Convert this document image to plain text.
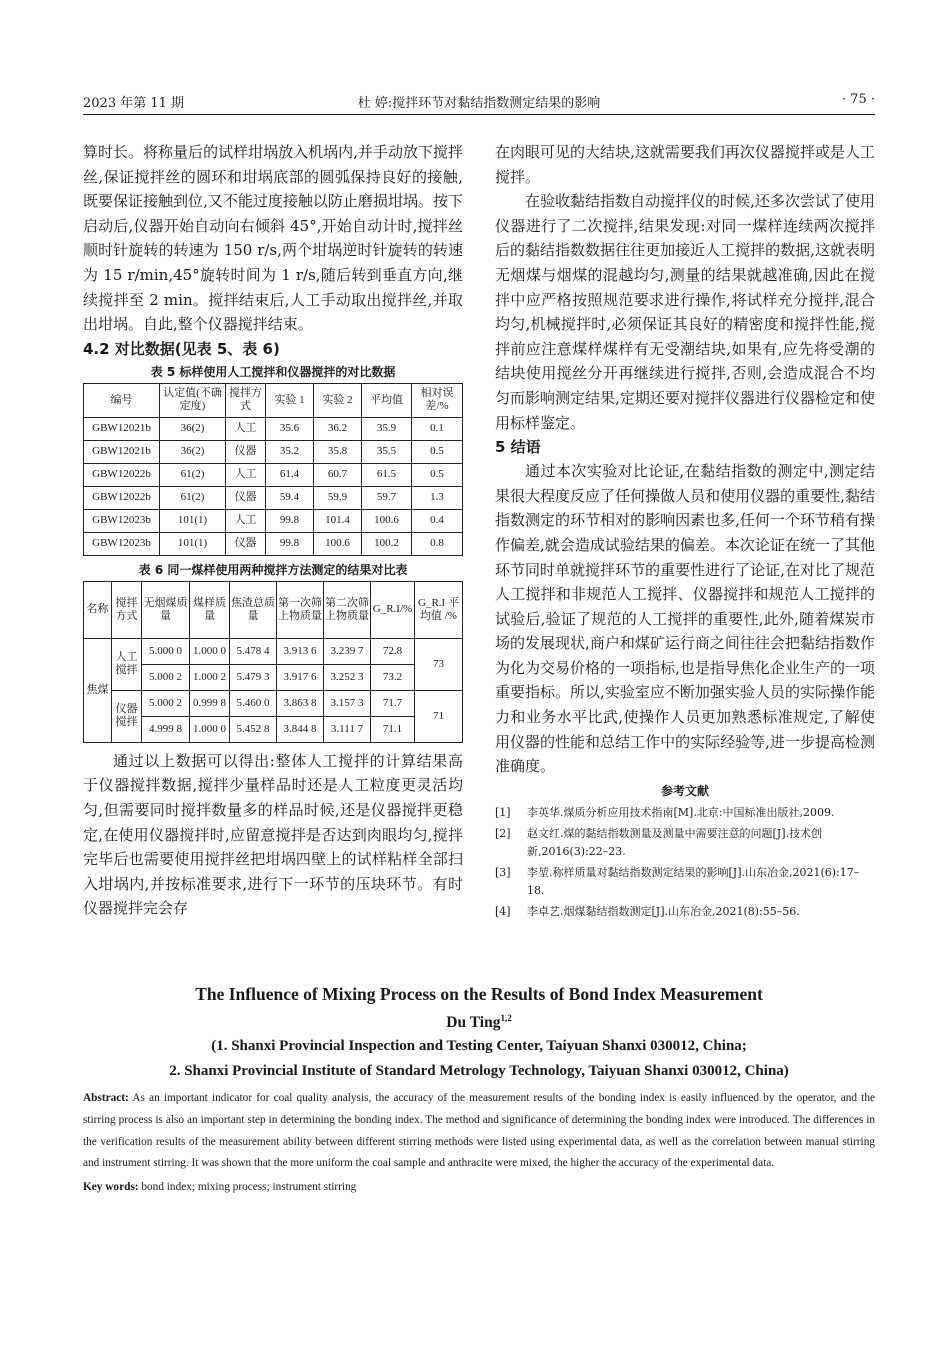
2023 年第 11 期	杜 婷:搅拌环节对黏结指数测定结果的影响	· 75 ·

算时长。将称量后的试样坩埚放入机埚内,并手动放下搅拌丝,保证搅拌丝的圆环和坩埚底部的圆弧保持良好的接触,既要保证接触到位,又不能过度接触以防止磨损坩埚。按下启动后,仪器开始自动向右倾斜 45°,开始自动计时,搅拌丝顺时针旋转的转速为 150 r/s,两个坩埚逆时针旋转的转速为 15 r/min,45°旋转时间为 1 r/s,随后转到垂直方向,继续搅拌至 2 min。搅拌结束后,人工手动取出搅拌丝,并取出坩埚。自此,整个仪器搅拌结束。

4.2 对比数据(见表 5、表 6)
表 5 标样使用人工搅拌和仪器搅拌的对比数据
编号	认定值(不确定度)	搅拌方式	实验 1	实验 2	平均值	相对误差/%
GBW12021b	36(2)	人工	35.6	36.2	35.9	0.1
GBW12021b	36(2)	仪器	35.2	35.8	35.5	0.5
GBW12022b	61(2)	人工	61.4	60.7	61.5	0.5
GBW12022b	61(2)	仪器	59.4	59.9	59.7	1.3
GBW12023b	101(1)	人工	99.8	101.4	100.6	0.4
GBW12023b	101(1)	仪器	99.8	100.6	100.2	0.8
表 6 同一煤样使用两种搅拌方法测定的结果对比表
名称	搅拌方式	无烟煤质量	煤样质量	焦渣总质量	第一次筛上物质量	第二次筛上物质量	G_R.I/%	G_R.I 平均值 /%
焦煤	人工搅拌	5.000 0	1.000 0	5.478 4	3.913 6	3.239 7	72.8	73
		5.000 2	1.000 2	5.479 3	3.917 6	3.252 3	73.2	
	仪器搅拌	5.000 2	0.999 8	5.460 0	3.863 8	3.157 3	71.7	71
		4.999 8	1.000 0	5.452 8	3.844 8	3.111 7	71.1	

通过以上数据可以得出:整体人工搅拌的计算结果高于仪器搅拌数据,搅拌少量样品时还是人工粒度更灵活均匀,但需要同时搅拌数量多的样品时候,还是仪器搅拌更稳定,在使用仪器搅拌时,应留意搅拌是否达到肉眼均匀,搅拌完毕后也需要使用搅拌丝把坩埚四壁上的试样粘样全部扫入坩埚内,并按标准要求,进行下一环节的压块环节。有时仪器搅拌完会存

在肉眼可见的大结块,这就需要我们再次仪器搅拌或是人工搅拌。

在验收黏结指数自动搅拌仪的时候,还多次尝试了使用仪器进行了二次搅拌,结果发现:对同一煤样连续两次搅拌后的黏结指数数据往往更加接近人工搅拌的数据,这就表明无烟煤与烟煤的混越均匀,测量的结果就越准确,因此在搅拌中应严格按照规范要求进行操作,将试样充分搅拌,混合均匀,机械搅拌时,必须保证其良好的精密度和搅拌性能,搅拌前应注意煤样煤样有无受潮结块,如果有,应先将受潮的结块使用搅丝分开再继续进行搅拌,否则,会造成混合不均匀而影响测定结果,定期还要对搅拌仪器进行仪器检定和使用标样鉴定。

5 结语

通过本次实验对比论证,在黏结指数的测定中,测定结果很大程度反应了任何操做人员和使用仪器的重要性,黏结指数测定的环节相对的影响因素也多,任何一个环节稍有操作偏差,就会造成试验结果的偏差。本次论证在统一了其他环节同时单就搅拌环节的重要性进行了论证,在对比了规范人工搅拌和非规范人工搅拌、仪器搅拌和规范人工搅拌的试验后,验证了规范的人工搅拌的重要性,此外,随着煤炭市场的发展现状,商户和煤矿运行商之间往往会把黏结指数作为化为交易价格的一项指标,也是指导焦化企业生产的一项重要指标。所以,实验室应不断加强实验人员的实际操作能力和业务水平比武,使操作人员更加熟悉标准规定,了解使用仪器的性能和总结工作中的实际经验等,进一步提高检测准确度。

参考文献
[1]	李英华.煤质分析应用技术指南[M].北京:中国标准出版社,2009.
[2]	赵文红.煤的黏结指数测量及测量中需要注意的问题[J].技术创新,2016(3):22–23.
[3]	李堃.称样质量对黏结指数测定结果的影响[J].山东冶金,2021(6):17–18.
[4]	李卓艺.烟煤黏结指数测定[J].山东冶金,2021(8):55–56.
The Influence of Mixing Process on the Results of Bond Index Measurement
Du Ting$^{1,2}$
(1. Shanxi Provincial Inspection and Testing Center, Taiyuan Shanxi 030012, China;
2. Shanxi Provincial Institute of Standard Metrology Technology, Taiyuan Shanxi 030012, China)
Abstract: As an important indicator for coal quality analysis, the accuracy of the measurement results of the bonding index is easily influenced by the operator, and the stirring process is also an important step in determining the bonding index. The method and significance of determining the bonding index were introduced. The differences in the verification results of the measurement ability between different stirring methods were listed using experimental data, as well as the correlation between manual stirring and instrument stirring. It was shown that the more uniform the coal sample and anthracite were mixed, the higher the accuracy of the experimental data.
Key words: bond index; mixing process; instrument stirring
